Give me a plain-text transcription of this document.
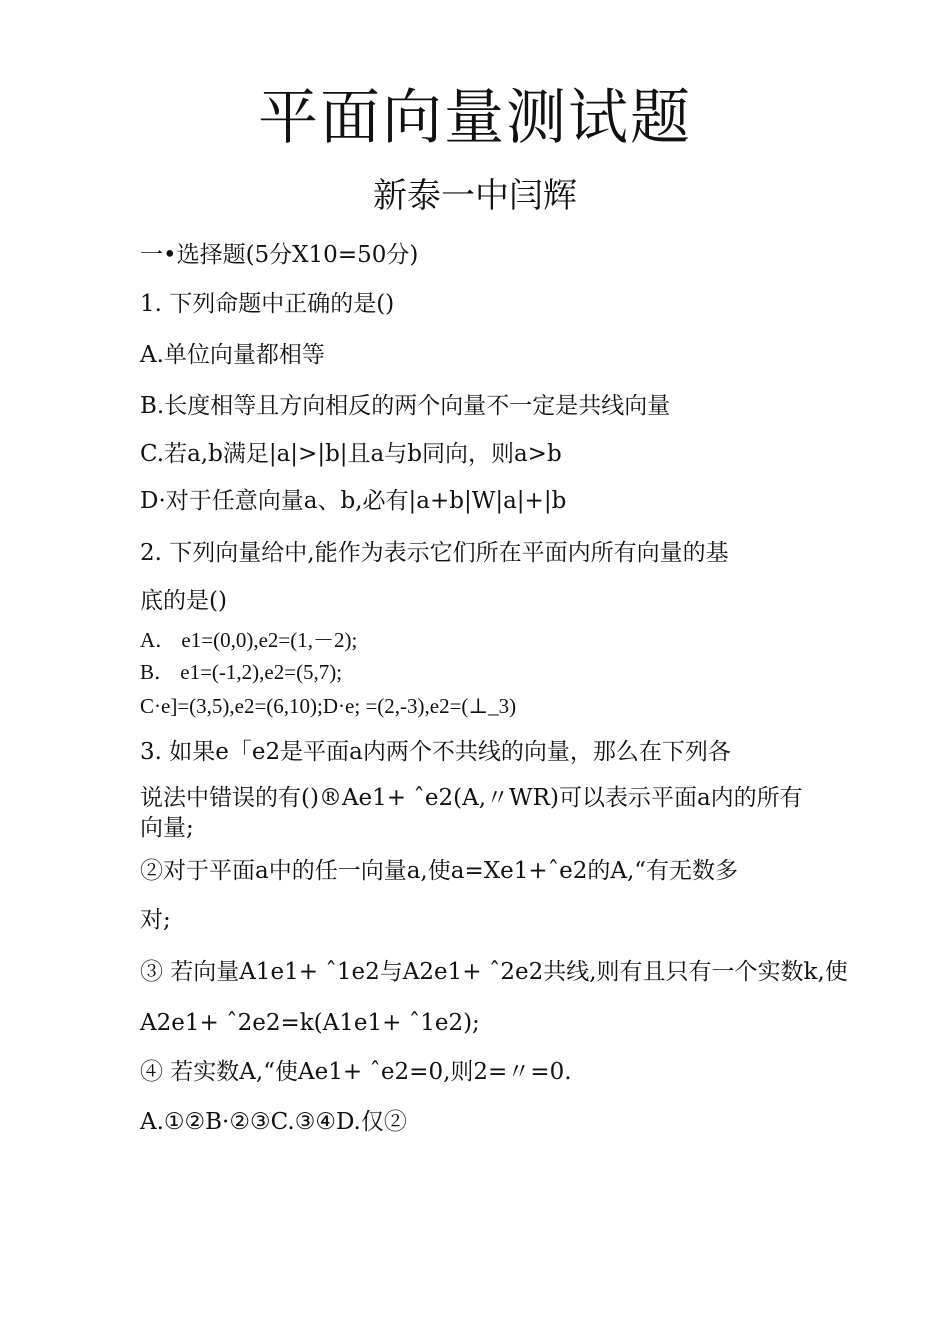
平面向量测试题
新泰一中闫辉
一•选择题(5分X10=50分)
1. 下列命题中正确的是()
A.单位向量都相等
B.长度相等且方向相反的两个向量不一定是共线向量
C.若a,b满足|a|>|b|且a与b同向，则a>b
D·对于任意向量a、b,必有|a+b|W|a|+|b
2. 下列向量给中,能作为表示它们所在平面内所有向量的基
底的是()
A． e1=(0,0),e2=(1,－2);
B． e1=(-1,2),e2=(5,7);
C·e]=(3,5),e2=(6,10);D·e; =(2,-3),e2=(⊥_3)
3. 如果e「e2是平面a内两个不共线的向量，那么在下列各
说法中错误的有()®Ae1+ ˆe2(A,〃WR)可以表示平面a内的所有
向量;
②对于平面a中的任一向量a,使a=Xe1+ˆe2的A,“有无数多
对;
③ 若向量A1e1+ ˆ1e2与A2e1+ ˆ2e2共线,则有且只有一个实数k,使
A2e1+ ˆ2e2=k(A1e1+ ˆ1e2);
④ 若实数A,“使Ae1+ ˆe2=0,则2=〃=0.
A.①②B·②③C.③④D.仅②
